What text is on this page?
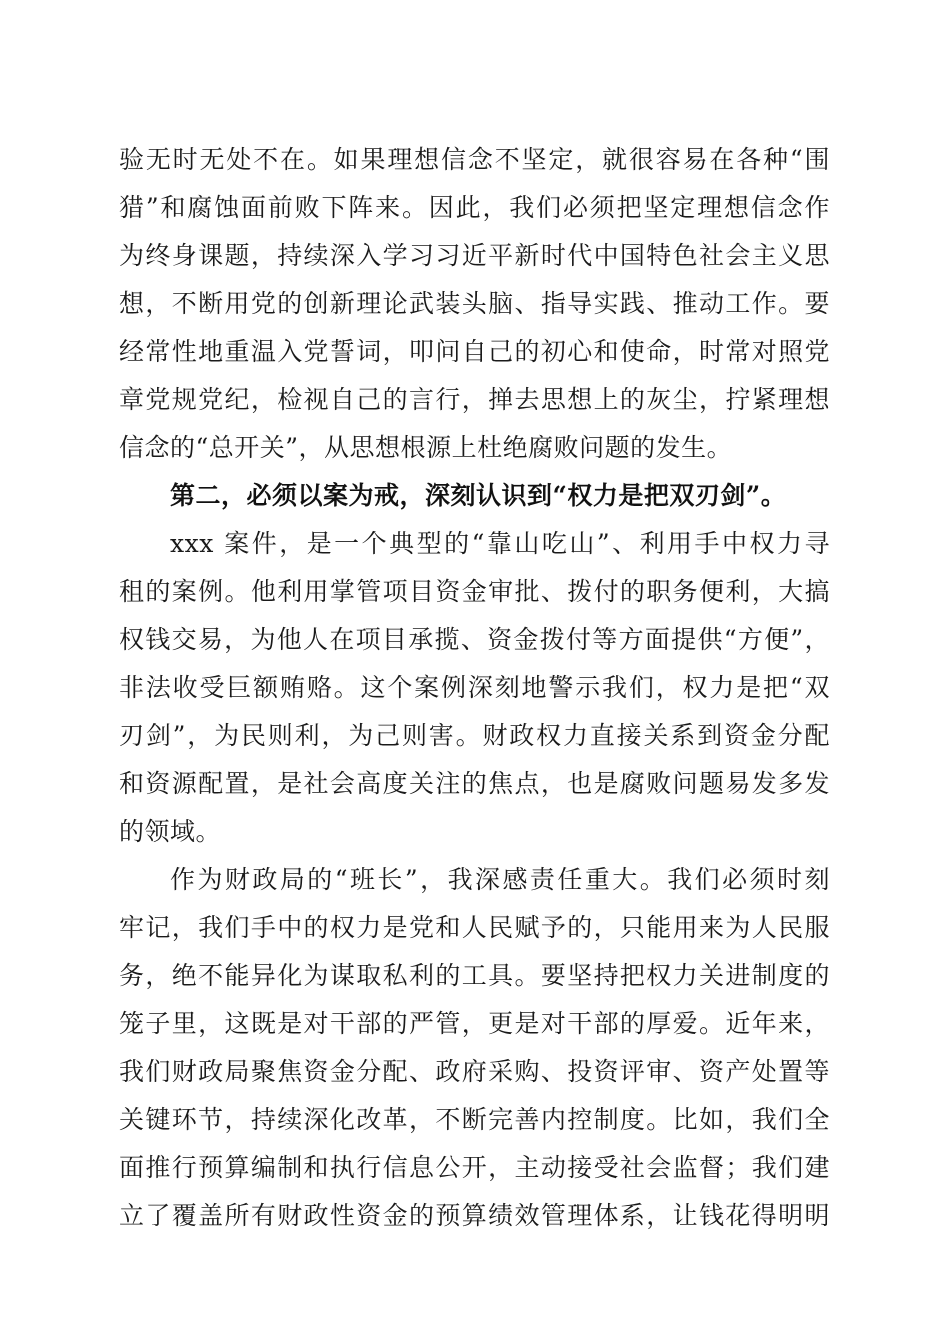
验无时无处不在。如果理想信念不坚定，就很容易在各种“围
猎”和腐蚀面前败下阵来。因此，我们必须把坚定理想信念作
为终身课题，持续深入学习习近平新时代中国特色社会主义思
想，不断用党的创新理论武装头脑、指导实践、推动工作。要
经常性地重温入党誓词，叩问自己的初心和使命，时常对照党
章党规党纪，检视自己的言行，掸去思想上的灰尘，拧紧理想
信念的“总开关”，从思想根源上杜绝腐败问题的发生。
第二，必须以案为戒，深刻认识到“权力是把双刃剑”。
xxx 案件，是一个典型的“靠山吃山”、利用手中权力寻
租的案例。他利用掌管项目资金审批、拨付的职务便利，大搞
权钱交易，为他人在项目承揽、资金拨付等方面提供“方便”，
非法收受巨额贿赂。这个案例深刻地警示我们，权力是把“双
刃剑”，为民则利，为己则害。财政权力直接关系到资金分配
和资源配置，是社会高度关注的焦点，也是腐败问题易发多发
的领域。
作为财政局的“班长”，我深感责任重大。我们必须时刻
牢记，我们手中的权力是党和人民赋予的，只能用来为人民服
务，绝不能异化为谋取私利的工具。要坚持把权力关进制度的
笼子里，这既是对干部的严管，更是对干部的厚爱。近年来，
我们财政局聚焦资金分配、政府采购、投资评审、资产处置等
关键环节，持续深化改革，不断完善内控制度。比如，我们全
面推行预算编制和执行信息公开，主动接受社会监督；我们建
立了覆盖所有财政性资金的预算绩效管理体系，让钱花得明明
